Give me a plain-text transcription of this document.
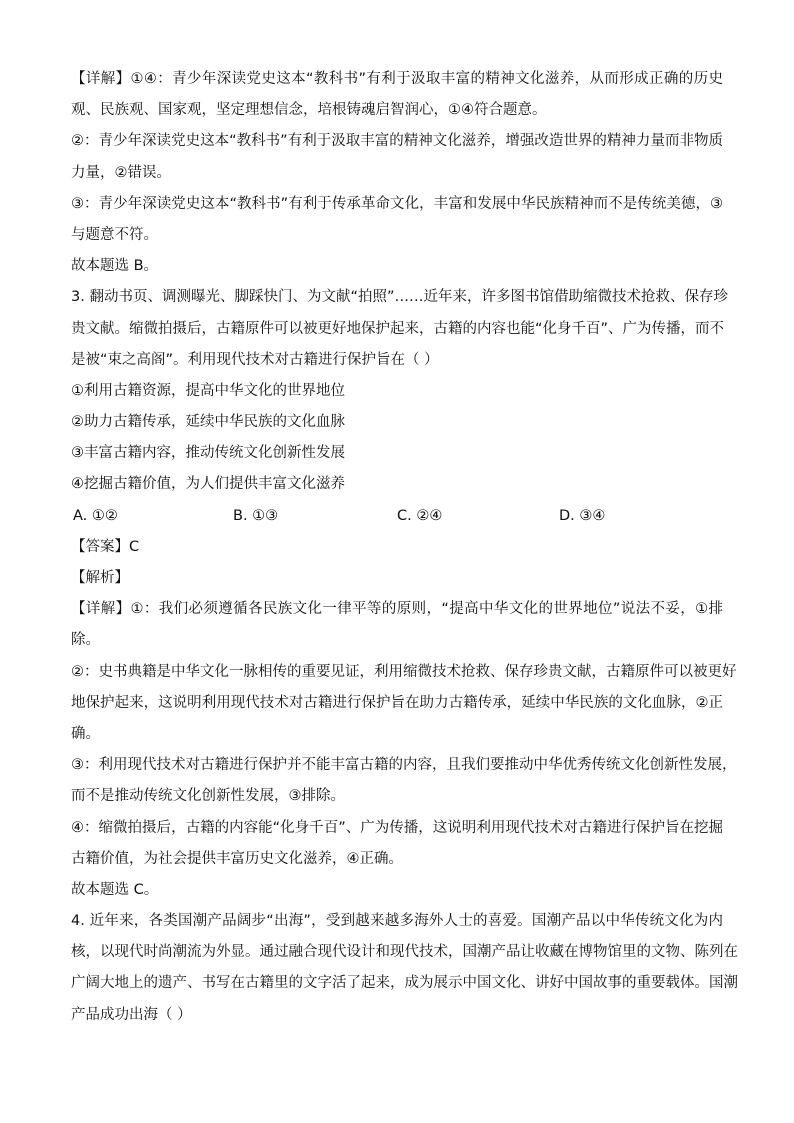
【详解】①④：青少年深读党史这本“教科书”有利于汲取丰富的精神文化滋养，从而形成正确的历史
观、民族观、国家观，坚定理想信念，培根铸魂启智润心，①④符合题意。
②：青少年深读党史这本“教科书”有利于汲取丰富的精神文化滋养，增强改造世界的精神力量而非物质
力量，②错误。
③：青少年深读党史这本“教科书”有利于传承革命文化，丰富和发展中华民族精神而不是传统美德，③
与题意不符。
故本题选 B。
3. 翻动书页、调测曝光、脚踩快门、为文献“拍照”……近年来，许多图书馆借助缩微技术抢救、保存珍
贵文献。缩微拍摄后，古籍原件可以被更好地保护起来，古籍的内容也能“化身千百”、广为传播，而不
是被“束之高阁”。利用现代技术对古籍进行保护旨在（ ）
①利用古籍资源，提高中华文化的世界地位
②助力古籍传承，延续中华民族的文化血脉
③丰富古籍内容，推动传统文化创新性发展
④挖掘古籍价值，为人们提供丰富文化滋养
A. ①②	B. ①③	C. ②④	D. ③④
【答案】C
【解析】
【详解】①：我们必须遵循各民族文化一律平等的原则，“提高中华文化的世界地位”说法不妥，①排
除。
②：史书典籍是中华文化一脉相传的重要见证，利用缩微技术抢救、保存珍贵文献，古籍原件可以被更好
地保护起来，这说明利用现代技术对古籍进行保护旨在助力古籍传承，延续中华民族的文化血脉，②正
确。
③：利用现代技术对古籍进行保护并不能丰富古籍的内容，且我们要推动中华优秀传统文化创新性发展，
而不是推动传统文化创新性发展，③排除。
④：缩微拍摄后，古籍的内容能“化身千百”、广为传播，这说明利用现代技术对古籍进行保护旨在挖掘
古籍价值，为社会提供丰富历史文化滋养，④正确。
故本题选 C。
4. 近年来，各类国潮产品阔步“出海”，受到越来越多海外人士的喜爱。国潮产品以中华传统文化为内
核，以现代时尚潮流为外显。通过融合现代设计和现代技术，国潮产品让收藏在博物馆里的文物、陈列在
广阔大地上的遗产、书写在古籍里的文字活了起来，成为展示中国文化、讲好中国故事的重要载体。国潮
产品成功出海（ ）
